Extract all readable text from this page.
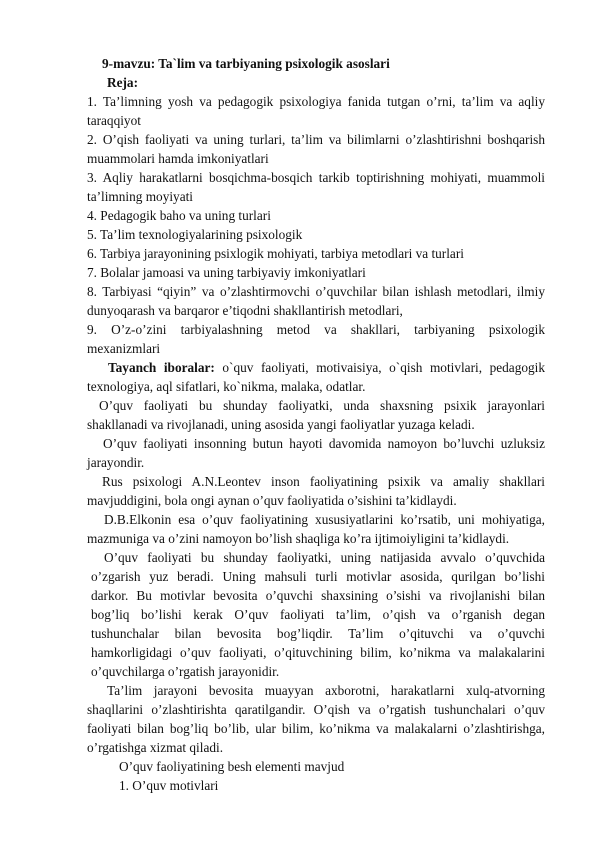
9-mavzu: Ta`lim va tarbiyaning psixologik asoslari
Reja:
1. Ta’limning yosh va pedagogik psixologiya fanida tutgan o’rni, ta’lim va aqliy
taraqqiyot
2. O’qish faoliyati va uning turlari, ta’lim va bilimlarni o’zlashtirishni boshqarish
muammolari hamda imkoniyatlari
3. Aqliy harakatlarni bosqichma-bosqich tarkib toptirishning mohiyati, muammoli
ta’limning moyiyati
4. Pedagogik baho va uning turlari
5. Ta’lim texnologiyalarining psixologik
6. Tarbiya jarayonining psixlogik mohiyati, tarbiya metodlari va turlari
7. Bolalar jamoasi va uning tarbiyaviy imkoniyatlari
8. Tarbiyasi “qiyin” va o’zlashtirmovchi o’quvchilar bilan ishlash metodlari, ilmiy
dunyoqarash va barqaror e’tiqodni shakllantirish metodlari,
9. O’z-o’zini tarbiyalashning metod va shakllari, tarbiyaning psixologik
mexanizmlari
Tayanch iboralar: o`quv faoliyati, motivaisiya, o`qish motivlari, pedagogik
texnologiya, aql sifatlari, ko`nikma, malaka, odatlar.
O’quv faoliyati bu shunday faoliyatki, unda shaxsning psixik jarayonlari
shakllanadi va rivojlanadi, uning asosida yangi faoliyatlar yuzaga keladi.
O’quv faoliyati insonning butun hayoti davomida namoyon bo’luvchi uzluksiz
jarayondir.
Rus psixologi A.N.Leontev inson faoliyatining psixik va amaliy shakllari
mavjuddigini, bola ongi aynan o’quv faoliyatida o’sishini ta’kidlaydi.
D.B.Elkonin esa o’quv faoliyatining xususiyatlarini ko’rsatib, uni mohiyatiga,
mazmuniga va o’zini namoyon bo’lish shaqliga ko’ra ijtimoiyligini ta’kidlaydi.
O’quv faoliyati bu shunday faoliyatki, uning natijasida avvalo o’quvchida
o’zgarish yuz beradi. Uning mahsuli turli motivlar asosida, qurilgan bo’lishi
darkor. Bu motivlar bevosita o’quvchi shaxsining o’sishi va rivojlanishi bilan
bog’liq bo’lishi kerak O’quv faoliyati ta’lim, o’qish va o’rganish degan
tushunchalar bilan bevosita bog’liqdir. Ta’lim o’qituvchi va o’quvchi
hamkorligidagi o’quv faoliyati, o’qituvchining bilim, ko’nikma va malakalarini
o’quvchilarga o’rgatish jarayonidir.
Ta’lim jarayoni bevosita muayyan axborotni, harakatlarni xulq-atvorning
shaqllarini o’zlashtirishta qaratilgandir. O’qish va o’rgatish tushunchalari o’quv
faoliyati bilan bog’liq bo’lib, ular bilim, ko’nikma va malakalarni o’zlashtirishga,
o’rgatishga xizmat qiladi.
O’quv faoliyatining besh elementi mavjud
1. O’quv motivlari
